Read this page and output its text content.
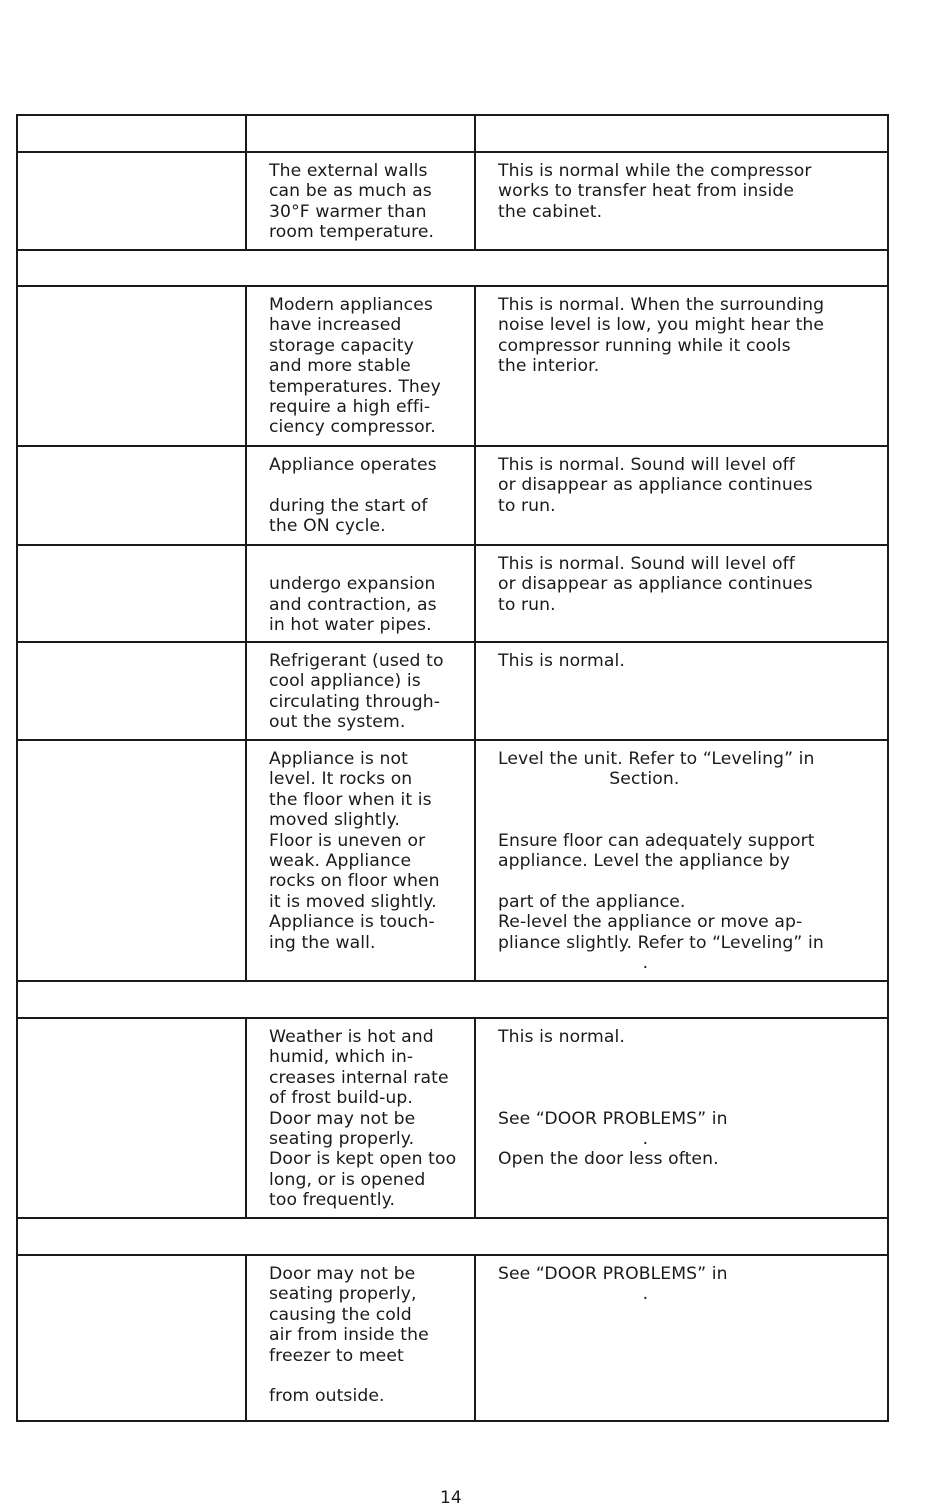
The external walls
can be as much as
30°F warmer than
room temperature.
This is normal while the compressor
works to transfer heat from inside
the cabinet.
Modern appliances
have increased
storage capacity
and more stable
temperatures. They
require a high effi-
ciency compressor.
This is normal. When the surrounding
noise level is low, you might hear the
compressor running while it cools
the interior.
Appliance operates
during the start of
the ON cycle.
This is normal. Sound will level off
or disappear as appliance continues
to run.
undergo expansion
and contraction, as
in hot water pipes.
This is normal. Sound will level off
or disappear as appliance continues
to run.
Refrigerant (used to
cool appliance) is
circulating through-
out the system.
This is normal.
Appliance is not
level. It rocks on
the floor when it is
moved slightly.
Floor is uneven or
weak. Appliance
rocks on floor when
it is moved slightly.
Appliance is touch-
ing the wall.
Level the unit. Refer to “Leveling” in
Section.
Ensure floor can adequately support
appliance. Level the appliance by
part of the appliance.
Re-level the appliance or move ap-
pliance slightly. Refer to “Leveling” in
.
Weather is hot and
humid, which in-
creases internal rate
of frost build-up.
Door may not be
seating properly.
Door is kept open too
long, or is opened
too frequently.
This is normal.
See “DOOR PROBLEMS” in
.
Open the door less often.
Door may not be
seating properly,
causing the cold
air from inside the
freezer to meet
from outside.
See “DOOR PROBLEMS” in
.
14
